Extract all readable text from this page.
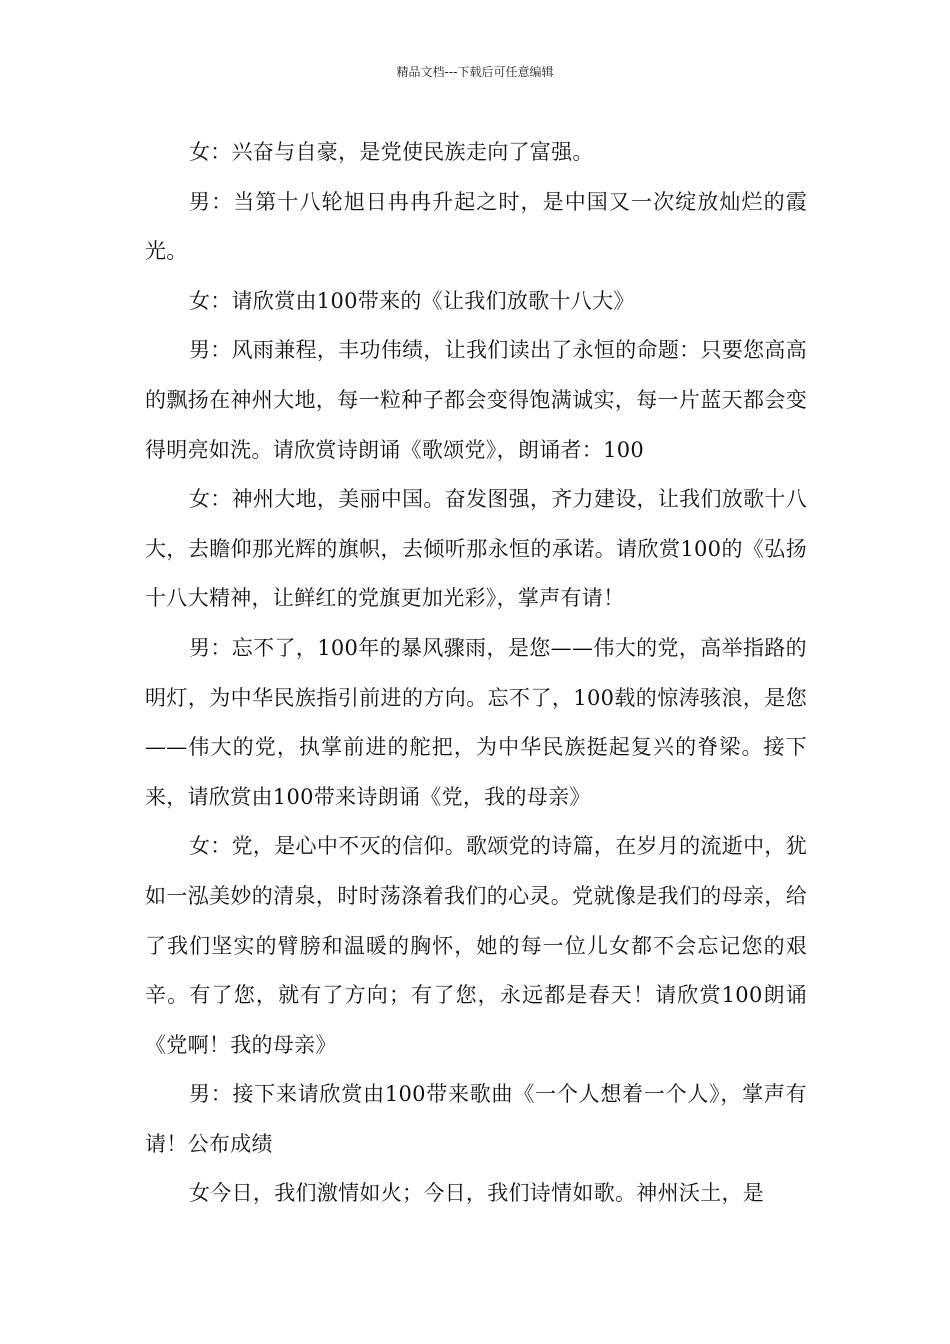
精品文档---下载后可任意编辑

女：兴奋与自豪，是党使民族走向了富强。

男：当第十八轮旭日冉冉升起之时，是中国又一次绽放灿烂的霞光。

女：请欣赏由100带来的《让我们放歌十八大》

男：风雨兼程，丰功伟绩，让我们读出了永恒的命题：只要您高高的飘扬在神州大地，每一粒种子都会变得饱满诚实，每一片蓝天都会变得明亮如洗。请欣赏诗朗诵《歌颂党》，朗诵者：100

女：神州大地，美丽中国。奋发图强，齐力建设，让我们放歌十八大，去瞻仰那光辉的旗帜，去倾听那永恒的承诺。请欣赏100的《弘扬十八大精神，让鲜红的党旗更加光彩》，掌声有请！

男：忘不了，100年的暴风骤雨，是您——伟大的党，高举指路的明灯，为中华民族指引前进的方向。忘不了，100载的惊涛骇浪，是您——伟大的党，执掌前进的舵把，为中华民族挺起复兴的脊梁。接下来，请欣赏由100带来诗朗诵《党，我的母亲》

女：党，是心中不灭的信仰。歌颂党的诗篇，在岁月的流逝中，犹如一泓美妙的清泉，时时荡涤着我们的心灵。党就像是我们的母亲，给了我们坚实的臂膀和温暖的胸怀，她的每一位儿女都不会忘记您的艰辛。有了您，就有了方向；有了您，永远都是春天！请欣赏100朗诵《党啊！我的母亲》

男：接下来请欣赏由100带来歌曲《一个人想着一个人》，掌声有请！公布成绩

女今日，我们激情如火；今日，我们诗情如歌。神州沃土，是
